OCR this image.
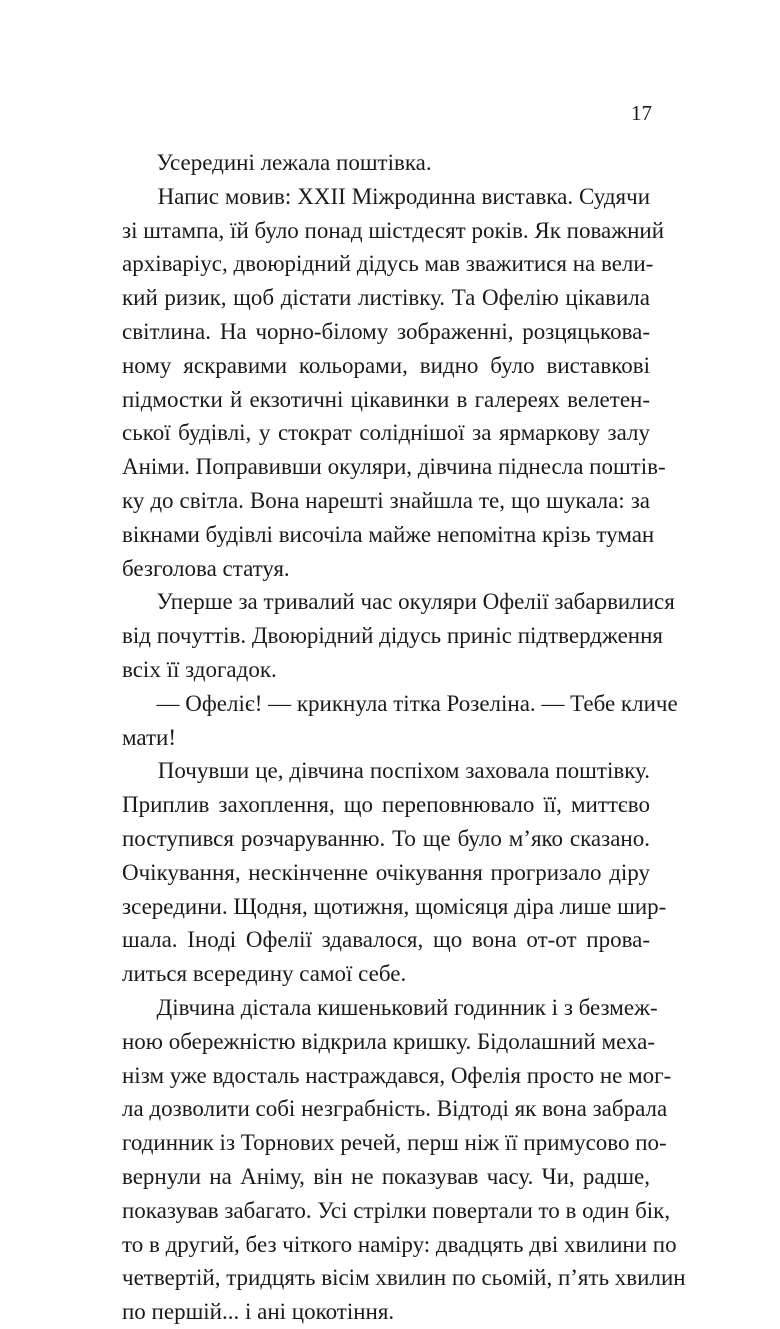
17
Усередині лежала поштівка.
Напис мовив: XXII Міжродинна виставка. Судячи
зі штампа, їй було понад шістдесят років. Як поважний
архіваріус, двоюрідний дідусь мав зважитися на вели-
кий ризик, щоб дістати листівку. Та Офелію цікавила
світлина. На чорно-білому зображенні, розцяцькова-
ному яскравими кольорами, видно було виставкові
підмостки й екзотичні цікавинки в галереях велетен-
ської будівлі, у стократ соліднішої за ярмаркову залу
Аніми. Поправивши окуляри, дівчина піднесла поштів-
ку до світла. Вона нарешті знайшла те, що шукала: за
вікнами будівлі височіла майже непомітна крізь туман
безголова статуя.
Уперше за тривалий час окуляри Офелії забарвилися
від почуттів. Двоюрідний дідусь приніс підтвердження
всіх її здогадок.
— Офеліє! — крикнула тітка Розеліна. — Тебе кличе
мати!
Почувши це, дівчина поспіхом заховала поштівку.
Приплив захоплення, що переповнювало її, миттєво
поступився розчаруванню. То ще було м’яко сказано.
Очікування, нескінченне очікування прогризало діру
зсередини. Щодня, щотижня, щомісяця діра лише шир-
шала. Іноді Офелії здавалося, що вона от-от прова-
литься всередину самої себе.
Дівчина дістала кишеньковий годинник і з безмеж-
ною обережністю відкрила кришку. Бідолашний меха-
нізм уже вдосталь настраждався, Офелія просто не мог-
ла дозволити собі незграбність. Відтоді як вона забрала
годинник із Торнових речей, перш ніж її примусово по-
вернули на Аніму, він не показував часу. Чи, радше,
показував забагато. Усі стрілки повертали то в один бік,
то в другий, без чіткого наміру: двадцять дві хвилини по
четвертій, тридцять вісім хвилин по сьомій, п’ять хвилин
по першій... і ані цокотіння.
